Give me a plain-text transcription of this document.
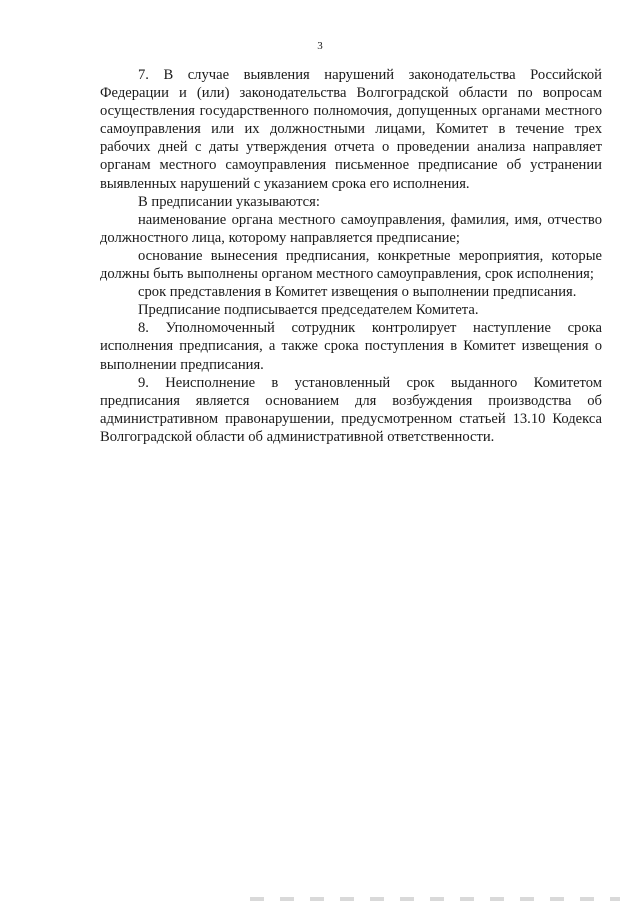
3

7. В случае выявления нарушений законодательства Российской Федерации и (или) законодательства Волгоградской области по вопросам осуществления государственного полномочия, допущенных органами местного самоуправления или их должностными лицами, Комитет в течение трех рабочих дней с даты утверждения отчета о проведении анализа направляет органам местного самоуправления письменное предписание об устранении выявленных нарушений с указанием срока его исполнения.

В предписании указываются:

наименование органа местного самоуправления, фамилия, имя, отчество должностного лица, которому направляется предписание;

основание вынесения предписания, конкретные мероприятия, которые должны быть выполнены органом местного самоуправления, срок исполнения;

срок представления в Комитет извещения о выполнении предписания.

Предписание подписывается председателем Комитета.

8. Уполномоченный сотрудник контролирует наступление срока исполнения предписания, а также срока поступления в Комитет извещения о выполнении предписания.

9. Неисполнение в установленный срок выданного Комитетом предписания является основанием для возбуждения производства об административном правонарушении, предусмотренном статьей 13.10 Кодекса Волгоградской области об административной ответственности.
